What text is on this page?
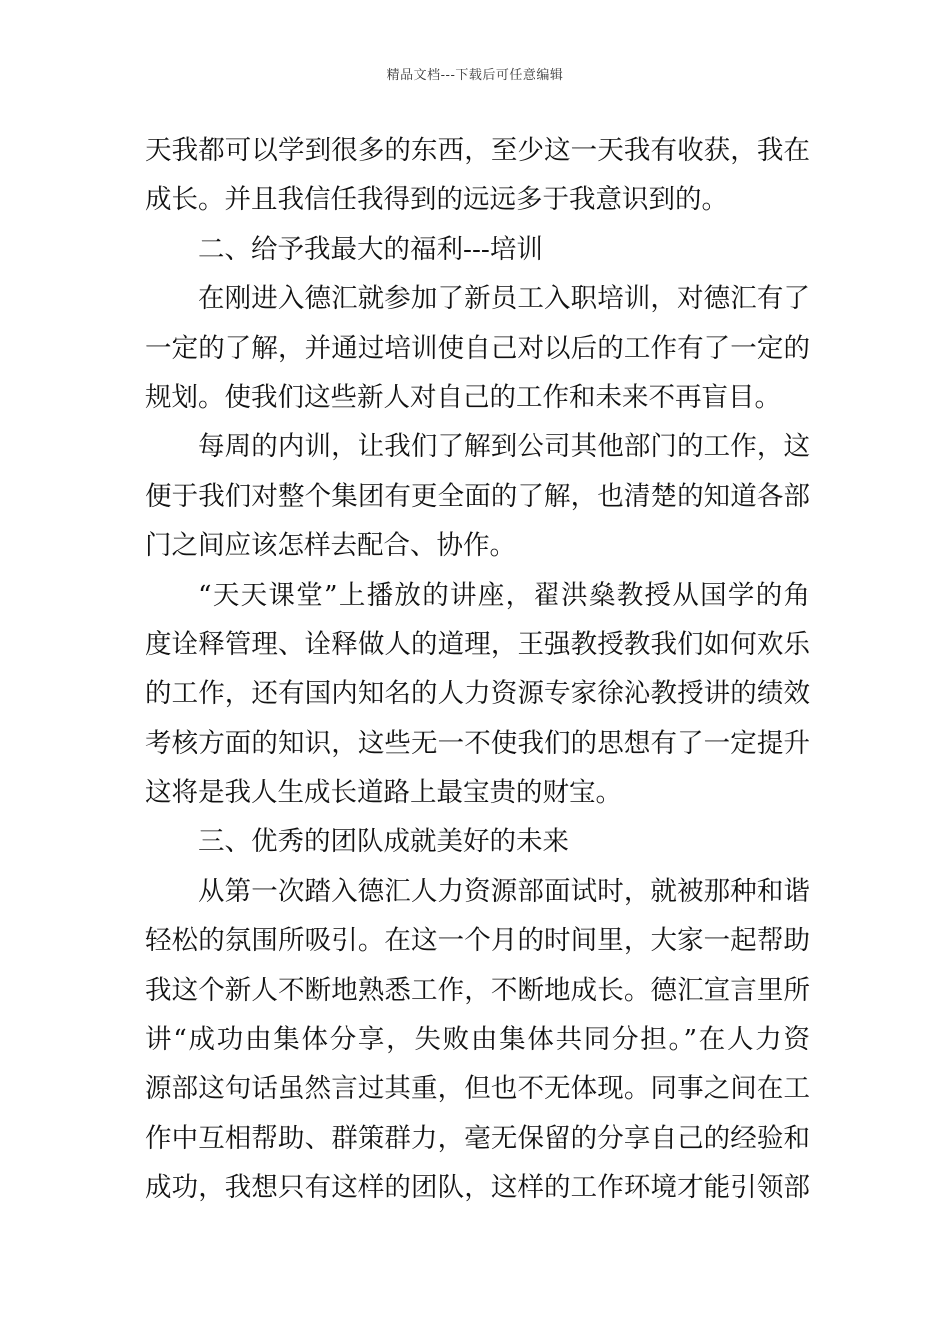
精品文档---下载后可任意编辑
天我都可以学到很多的东西，至少这一天我有收获，我在
成长。并且我信任我得到的远远多于我意识到的。
二、给予我最大的福利---培训
在刚进入德汇就参加了新员工入职培训，对德汇有了
一定的了解，并通过培训使自己对以后的工作有了一定的
规划。使我们这些新人对自己的工作和未来不再盲目。
每周的内训，让我们了解到公司其他部门的工作，这
便于我们对整个集团有更全面的了解，也清楚的知道各部
门之间应该怎样去配合、协作。
“天天课堂”上播放的讲座，翟洪燊教授从国学的角
度诠释管理、诠释做人的道理，王强教授教我们如何欢乐
的工作，还有国内知名的人力资源专家徐沁教授讲的绩效
考核方面的知识，这些无一不使我们的思想有了一定提升
这将是我人生成长道路上最宝贵的财宝。
三、优秀的团队成就美好的未来
从第一次踏入德汇人力资源部面试时，就被那种和谐
轻松的氛围所吸引。在这一个月的时间里，大家一起帮助
我这个新人不断地熟悉工作，不断地成长。德汇宣言里所
讲“成功由集体分享，失败由集体共同分担。”在人力资
源部这句话虽然言过其重，但也不无体现。同事之间在工
作中互相帮助、群策群力，毫无保留的分享自己的经验和
成功，我想只有这样的团队，这样的工作环境才能引领部
